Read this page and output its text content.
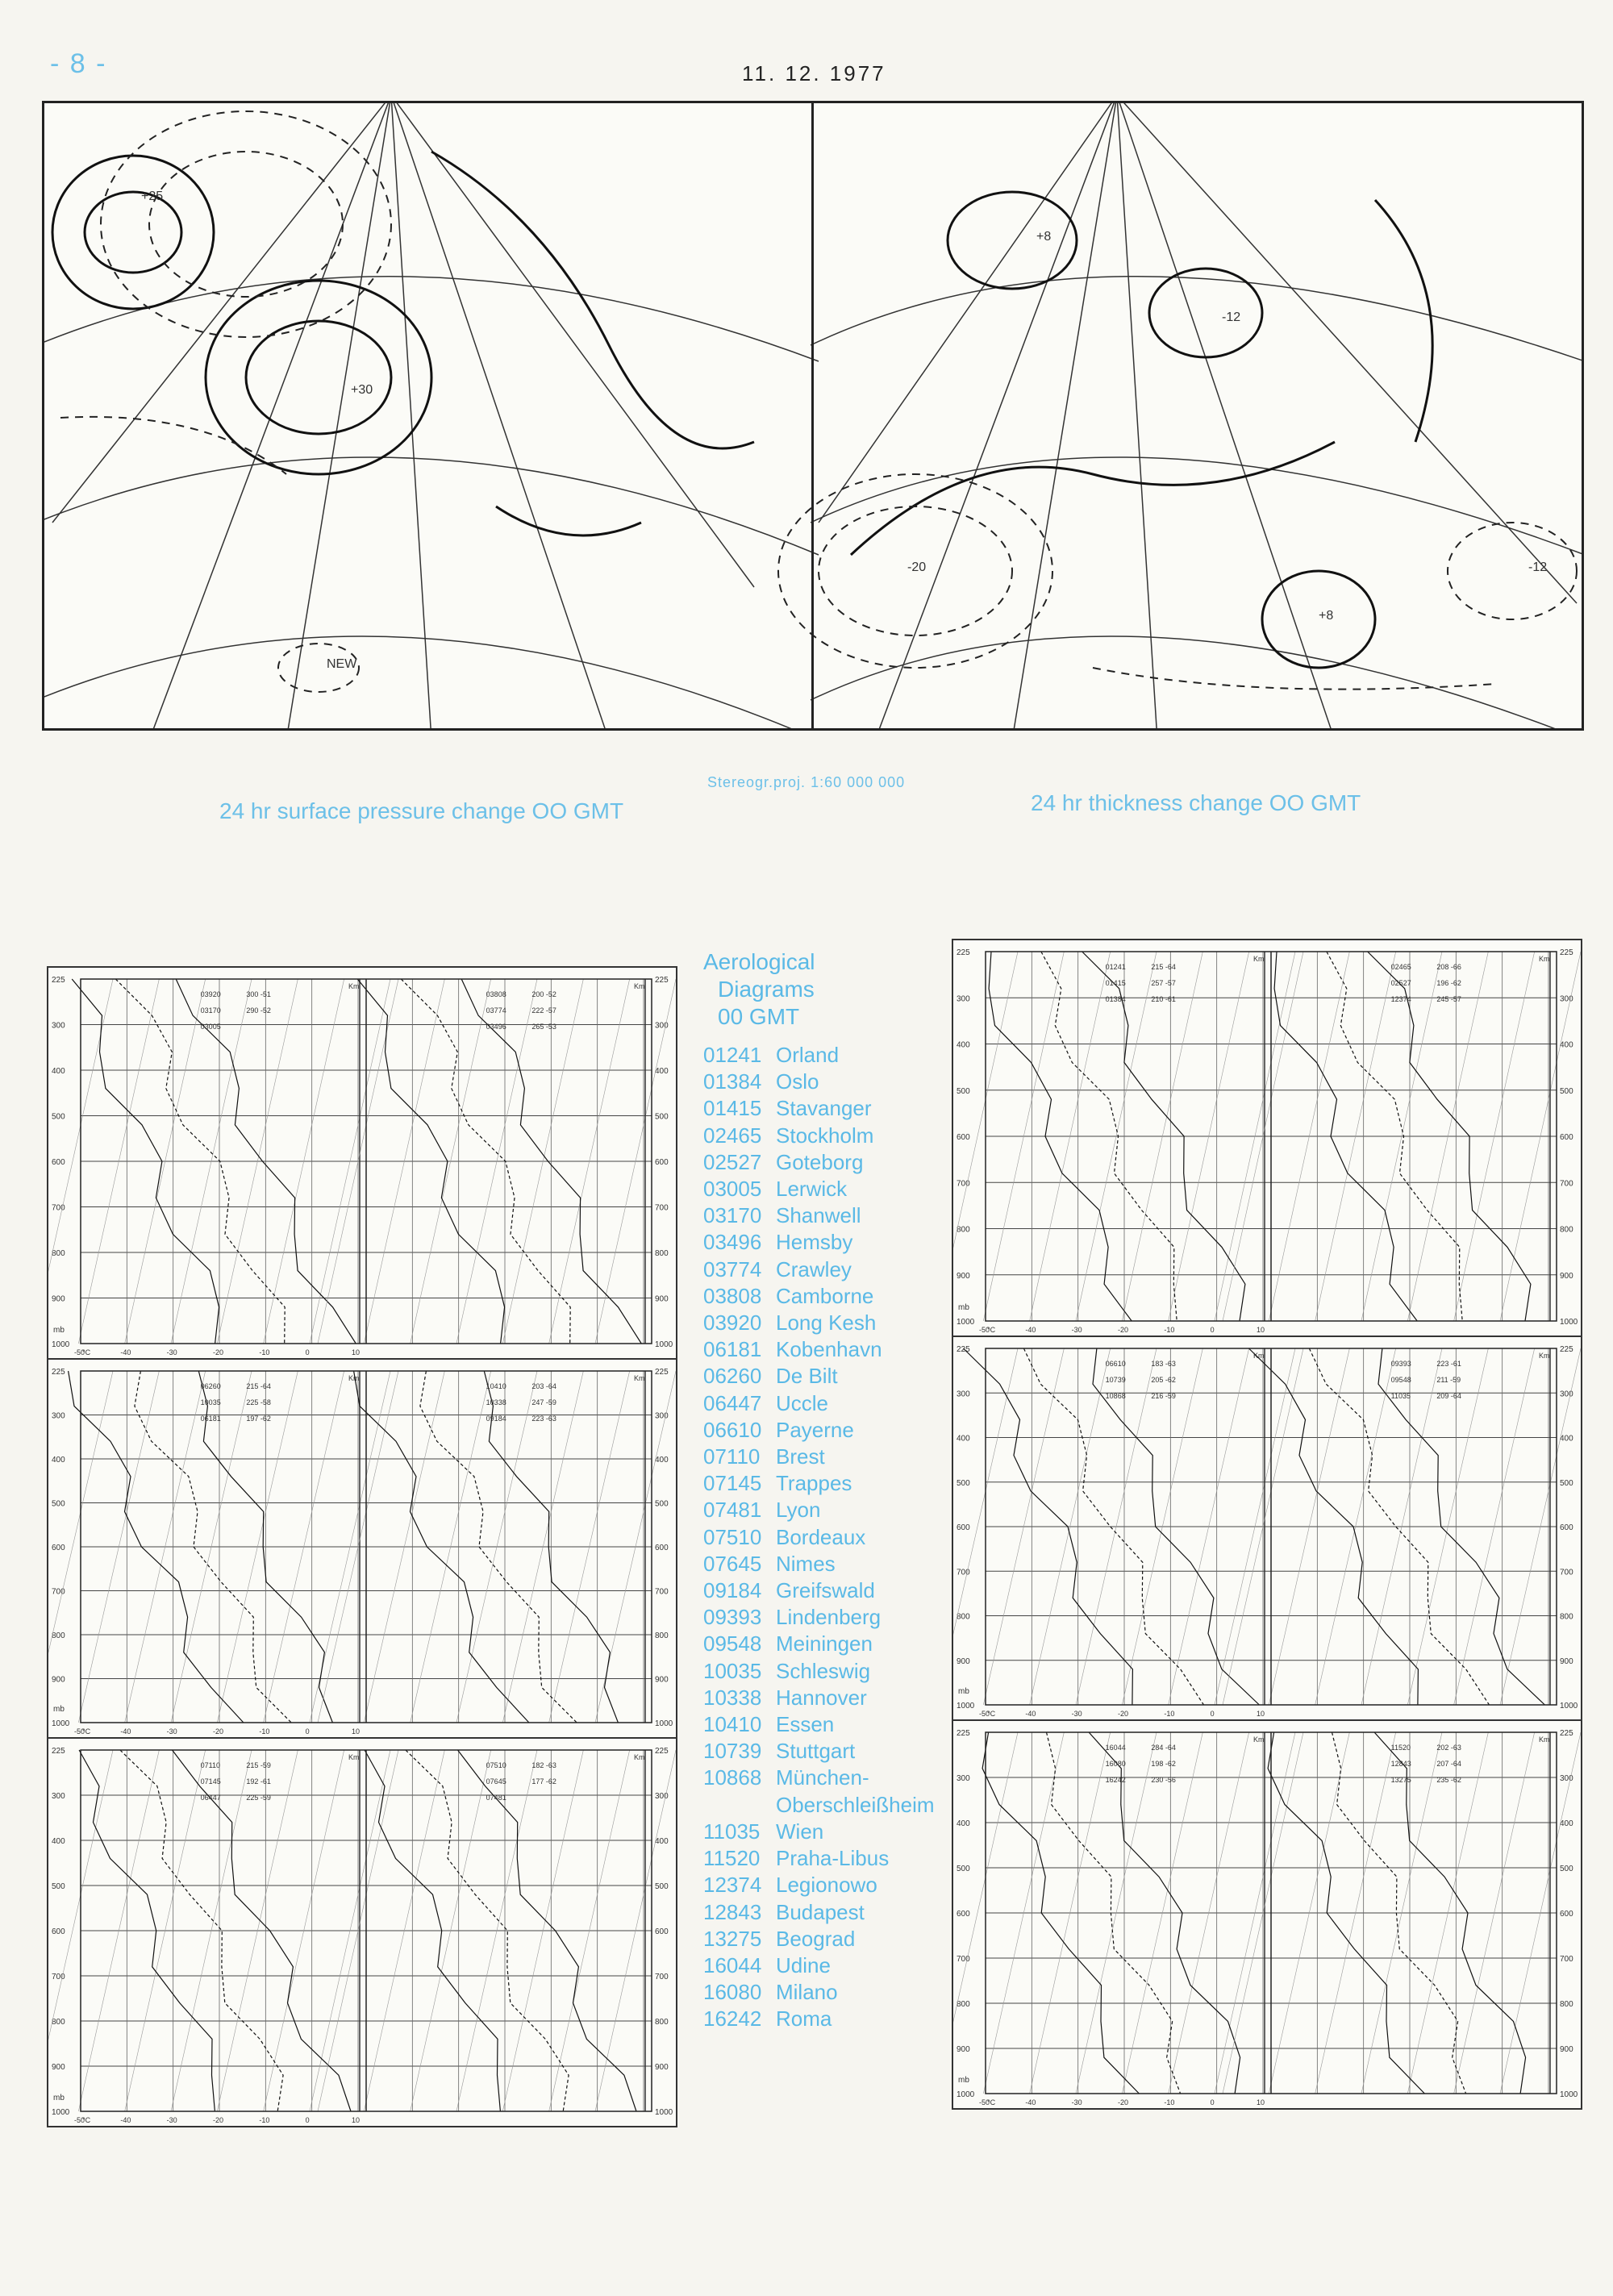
- 8 -	11. 12. 1977
+25
+30
NEW
+8
-12
+8
-20	-12
Stereogr.proj. 1:60 000 000
24 hr surface pressure change OO GMT	24 hr thickness change OO GMT
Aerological
Diagrams
00 GMT
01241 Orland
01384 Oslo
01415 Stavanger
02465 Stockholm
02527 Goteborg
03005 Lerwick
03170 Shanwell
03496 Hemsby
03774 Crawley
03808 Camborne
03920 Long Kesh
06181 Kobenhavn
06260 De Bilt
06447 Uccle
06610 Payerne
07110 Brest
07145 Trappes
07481 Lyon
07510 Bordeaux
07645 Nimes
09184 Greifswald
09393 Lindenberg
09548 Meiningen
10035 Schleswig
10338 Hannover
10410 Essen
10739 Stuttgart
10868 München-
Oberschleißheim
11035 Wien
11520 Praha-Libus
12374 Legionowo
12843 Budapest
13275 Beograd
16044 Udine
16080 Milano
16242 Roma
225	225
300	300
400	400
500	500
600	600
700	700
800	800
900	900
1000	1000
-50	-40	-30	-20	-10	0	10
Km
03920	300 -51
03170	290 -52
03005
Km
03808	200 -52
03774	222 -57
03496	265 -53
mb
°C
225	225
300	300
400	400
500	500
600	600
700	700
800	800
900	900
1000	1000
-50	-40	-30	-20	-10	0	10
Km
01241	215 -64
01415	257 -57
01384	210 -61
Km
02465	208 -66
02527	196 -62
12374	245 -57
mb
°C
225	225
300	300
400	400
500	500
600	600
700	700
800	800
900	900
1000	1000
-50	-40	-30	-20	-10	0	10
Km
06260	215 -64
10035	225 -58
06181	197 -62
Km
10410	203 -64
10338	247 -59
09184	223 -63
mb
°C
225	225
300	300
400	400
500	500
600	600
700	700
800	800
900	900
1000	1000
-50	-40	-30	-20	-10	0	10
Km
06610	183 -63
10739	205 -62
10868	216 -59
Km
09393	223 -61
09548	211 -59
11035	209 -64
mb
°C
225	225
300	300
400	400
500	500
600	600
700	700
800	800
900	900
1000	1000
-50	-40	-30	-20	-10	0	10
Km
07110	215 -59
07145	192 -61
06447	225 -59
Km
07510	182 -63
07645	177 -62
07481
mb
°C
225	225
300	300
400	400
500	500
600	600
700	700
800	800
900	900
1000	1000
-50	-40	-30	-20	-10	0	10
Km
16044	284 -64
16080	198 -62
16242	230 -56
Km
11520	202 -63
12843	207 -64
13275	235 -62
mb
°C
